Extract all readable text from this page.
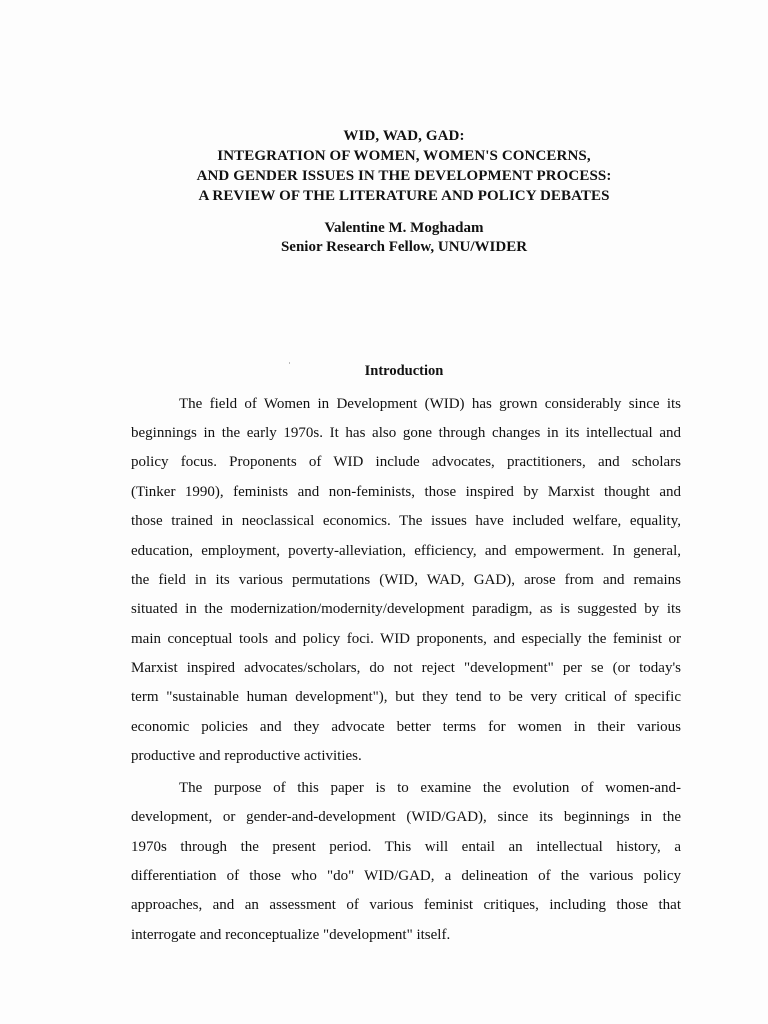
WID, WAD, GAD:
INTEGRATION OF WOMEN, WOMEN'S CONCERNS,
AND GENDER ISSUES IN THE DEVELOPMENT PROCESS:
A REVIEW OF THE LITERATURE AND POLICY DEBATES
Valentine M. Moghadam
Senior Research Fellow, UNU/WIDER
Introduction
The field of Women in Development (WID) has grown considerably since its
beginnings in the early 1970s. It has also gone through changes in its intellectual and
policy focus. Proponents of WID include advocates, practitioners, and scholars
(Tinker 1990), feminists and non-feminists, those inspired by Marxist thought and
those trained in neoclassical economics. The issues have included welfare, equality,
education, employment, poverty-alleviation, efficiency, and empowerment. In general,
the field in its various permutations (WID, WAD, GAD), arose from and remains
situated in the modernization/modernity/development paradigm, as is suggested by its
main conceptual tools and policy foci. WID proponents, and especially the feminist or
Marxist inspired advocates/scholars, do not reject "development" per se (or today's
term "sustainable human development"), but they tend to be very critical of specific
economic policies and they advocate better terms for women in their various
productive and reproductive activities.
The purpose of this paper is to examine the evolution of women-and-
development, or gender-and-development (WID/GAD), since its beginnings in the
1970s through the present period. This will entail an intellectual history, a
differentiation of those who "do" WID/GAD, a delineation of the various policy
approaches, and an assessment of various feminist critiques, including those that
interrogate and reconceptualize "development" itself.
